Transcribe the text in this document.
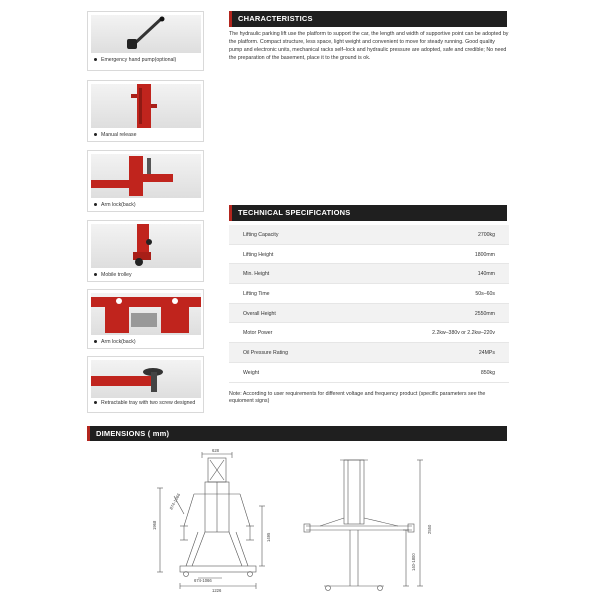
Emergency hand pump(optional)
Manual release
Arm lock(back)
Mobile trolley
Arm lock(back)
Retractable tray with two screw designed
CHARACTERISTICS
The hydraulic parking lift use the platform to support the car, the length and width of supportive point can be adopted by the platform. Compact structure, less space, light weight and convenient to move for steady running. Good quality pump and electronic units, mechanical racks self–lock and hydraulic pressure are adopted, safe and credible; No need the preparation of the basement, place it to the ground is ok.
TECHNICAL SPECIFICATIONS
Lifting Capacity	2700kg
Lifting Height	1800mm
Min. Height	140mm
Lifting Time	50s–60s
Overall Height	2550mm
Motor Power	2.2kw–380v or 2.2kw–220v
Oil Pressure Rating	24MPs
Weight	850kg
Note: According to user requirements for different voltage and frequency product (specific parameters see the equioment signs)
DIMENSIONS ( mm)
628
874-1066
1968
1495
674-1066
1226
2550
140-1800
